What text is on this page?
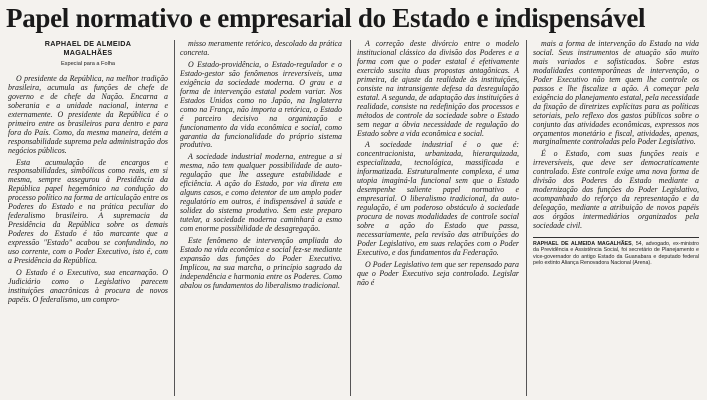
Papel normativo e empresarial do Estado e indispensável
RAPHAEL DE ALMEIDA
MAGALHÃES
Especial para a Folha

O presidente da República, na melhor tradição brasileira, acumula as funções de chefe de governo e de chefe da Nação. Encarna a soberania e a unidade nacional, interna e externamente. O presidente da República é o primeiro entre os brasileiros para dentro e para fora do País. Como, da mesma maneira, detém a responsabilidade suprema pela administração dos negócios públicos.

Esta acumulação de encargos e responsabilidades, simbólicos como reais, em si mesma, sempre assegurou à Presidência da República papel hegemônico na condução do processo político na forma de articulação entre os Poderes do Estado e na prática peculiar do federalismo brasileiro. A supremacia da Presidência da República sobre os demais Poderes do Estado é tão marcante que a expressão "Estado" acabou se confundindo, no uso corrente, com o Poder Executivo, isto é, com a Presidência da República.

O Estado é o Executivo, sua encarnação. O Judiciário como o Legislativo parecem instituições anacrônicas à procura de novos papéis. O federalismo, um compro-

misso meramente retórico, descolado da prática concreta.

O Estado-providência, o Estado-regulador e o Estado-gestor são fenômenos irreversíveis, uma exigência da sociedade moderna. O grau e a forma de intervenção estatal podem variar. Nos Estados Unidos como no Japão, na Inglaterra como na França, não importa a retórica, o Estado é parceiro decisivo na organização e funcionamento da vida econômica e social, como garantia da funcionalidade do próprio sistema produtivo.

A sociedade industrial moderna, entregue a si mesma, não tem qualquer possibilidade de auto-regulação que lhe assegure estabilidade e eficiência. A ação do Estado, por via direta em alguns casos, e como detentor de um amplo poder regulatório em outros, é indispensável à saúde e solidez do sistema produtivo. Sem este preparo tutelar, a sociedade moderna caminhará a esmo com enorme possibilidade de desagregação.

Este fenômeno de intervenção ampliada do Estado na vida econômica e social fez-se mediante expansão das funções do Poder Executivo. Implicou, na sua marcha, o princípio sagrado da independência e harmonia entre os Poderes. Como abalou os fundamentos do liberalismo tradicional.

A correção deste divórcio entre o modelo institucional clássico da divisão dos Poderes e a forma com que o poder estatal é efetivamente exercido suscita duas propostas antagônicas. A primeira, de ajuste da realidade às instituições, consiste na intransigente defesa da desregulação estatal. A segunda, de adaptação das instituições à realidade, consiste na redefinição dos processos e métodos de controle da sociedade sobre o Estado sem negar a óbvia necessidade de regulação do Estado sobre a vida econômica e social.

A sociedade industrial é o que é: concentracionista, urbanizada, hierarquizada, especializada, tecnológica, massificada e informatizada. Estruturalmente complexa, é uma utopia imaginá-la funcional sem que o Estado desempenhe saliente papel normativo e empresarial. O liberalismo tradicional, da auto-regulação, é um poderoso obstáculo à sociedade procura de novas modalidades de controle social sobre a ação do Estado que passa, necessariamente, pela revisão das atribuições do Poder Legislativo, em suas relações com o Poder Executivo, e dos fundamentos da Federação.

O Poder Legislativo tem que ser repensado para que o Poder Executivo seja controlado. Legislar não é

mais a forma de intervenção do Estado na vida social. Seus instrumentos de atuação são muito mais variados e sofisticados. Sobre estas modalidades contemporâneas de intervenção, o Poder Executivo não tem quem lhe controle os passos e lhe fiscalize a ação. A começar pela exigência do planejamento estatal, pela necessidade da fixação de diretrizes explícitas para as políticas setoriais, pelo reflexo dos gastos públicos sobre o conjunto das atividades econômicas, expressos nos orçamentos monetário e fiscal, atividades, apenas, marginalmente controladas pelo Poder Legislativo.

É o Estado, com suas funções reais e irreversíveis, que deve ser democraticamente controlado. Este controle exige uma nova forma de divisão dos Poderes do Estado mediante a modernização das funções do Poder Legislativo, acompanhado do reforço da representação e da delegação, mediante a atribuição de novos papéis aos órgãos intermediários organizados pela sociedade civil.

RAPHAEL DE ALMEIDA MAGALHÃES, 54, advogado, ex-ministro da Previdência e Assistência Social, foi secretário de Planejamento e vice-governador do antigo Estado da Guanabara e deputado federal pelo extinto Aliança Renovadora Nacional (Arena).
